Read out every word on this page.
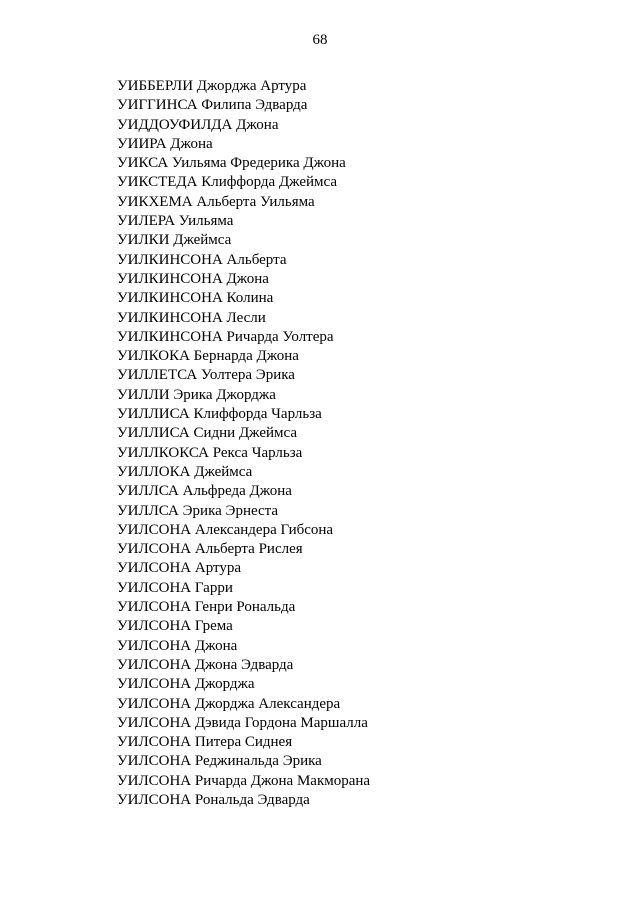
68
УИББЕРЛИ Джорджа Артура
УИГГИНСА Филипа Эдварда
УИДДОУФИЛДА Джона
УИИРА Джона
УИКСА Уильяма Фредерика Джона
УИКСТЕДА Клиффорда Джеймса
УИКХЕМА Альберта Уильяма
УИЛЕРА Уильяма
УИЛКИ Джеймса
УИЛКИНСОНА Альберта
УИЛКИНСОНА Джона
УИЛКИНСОНА Колина
УИЛКИНСОНА Лесли
УИЛКИНСОНА Ричарда Уолтера
УИЛКОКА Бернарда Джона
УИЛЛЕТСА Уолтера Эрика
УИЛЛИ Эрика Джорджа
УИЛЛИСА Клиффорда Чарльза
УИЛЛИСА Сидни Джеймса
УИЛЛКОКСА Рекса Чарльза
УИЛЛОКА Джеймса
УИЛЛСА Альфреда Джона
УИЛЛСА Эрика Эрнеста
УИЛСОНА Александера Гибсона
УИЛСОНА Альберта Рислея
УИЛСОНА Артура
УИЛСОНА Гарри
УИЛСОНА Генри Рональда
УИЛСОНА Грема
УИЛСОНА Джона
УИЛСОНА Джона Эдварда
УИЛСОНА Джорджа
УИЛСОНА Джорджа Александера
УИЛСОНА Дэвида Гордона Маршалла
УИЛСОНА Питера Сиднея
УИЛСОНА Реджинальда Эрика
УИЛСОНА Ричарда Джона Макморана
УИЛСОНА Рональда Эдварда
